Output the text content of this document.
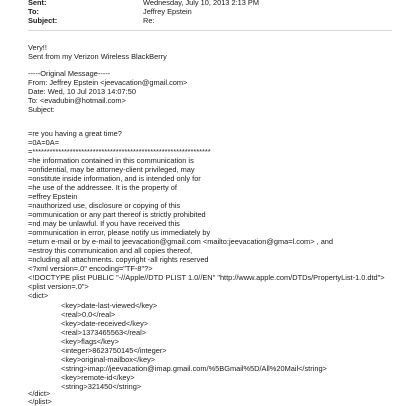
Sent:	Wednesday, July 10, 2013 2:13 PM
To:	Jeffrey Epstein
Subject:	Re:
Very!!
Sent from my Verizon Wireless BlackBerry
-----Original Message-----
From: Jeffrey Epstein <jeevacation@gmail.com>
Date: Wed, 10 Jul 2013 14:07:50
To: <evadubin@hotmail.com>
Subject:
=re you having a great time?
=0A=0A=
=**************************************************************
=he information contained in this communication is
=onfidential, may be attorney-client privileged, may
=onstitute inside information, and is intended only for
=he use of the addressee. It is the property of
=effrey Epstein
=nauthorized use, disclosure or copying of this
=ommunication or any part thereof is strictly prohibited
=nd may be unlawful. If you have received this
=ommunication in error, please notify us immediately by
=eturn e-mail or by e-mail to jeevacation@gmail.com <mailto:jeevacation@gma=l.com> , and
=estroy this communication and all copies thereof,
=ncluding all attachments. copyright -all rights reserved
<?xml version=.0" encoding="TF-8"?>
<!DOCTYPE plist PUBLIC "-//Apple//DTD PLIST 1.0//EN" "http://www.apple.com/DTDs/PropertyList-1.0.dtd">
<plist version=.0">
<dict>
<key>date-last-viewed</key>
<real>0.0</real>
<key>date-received</key>
<real>1373465563</real>
<key>flags</key>
<integer>8623750145</integer>
<key>original-mailbox</key>
<string>imap://jeevacation@imap.gmail.com/%5BGmail%5D/All%20Mail</string>
<key>remote-id</key>
<string>321450</string>
</dict>
</plist>
